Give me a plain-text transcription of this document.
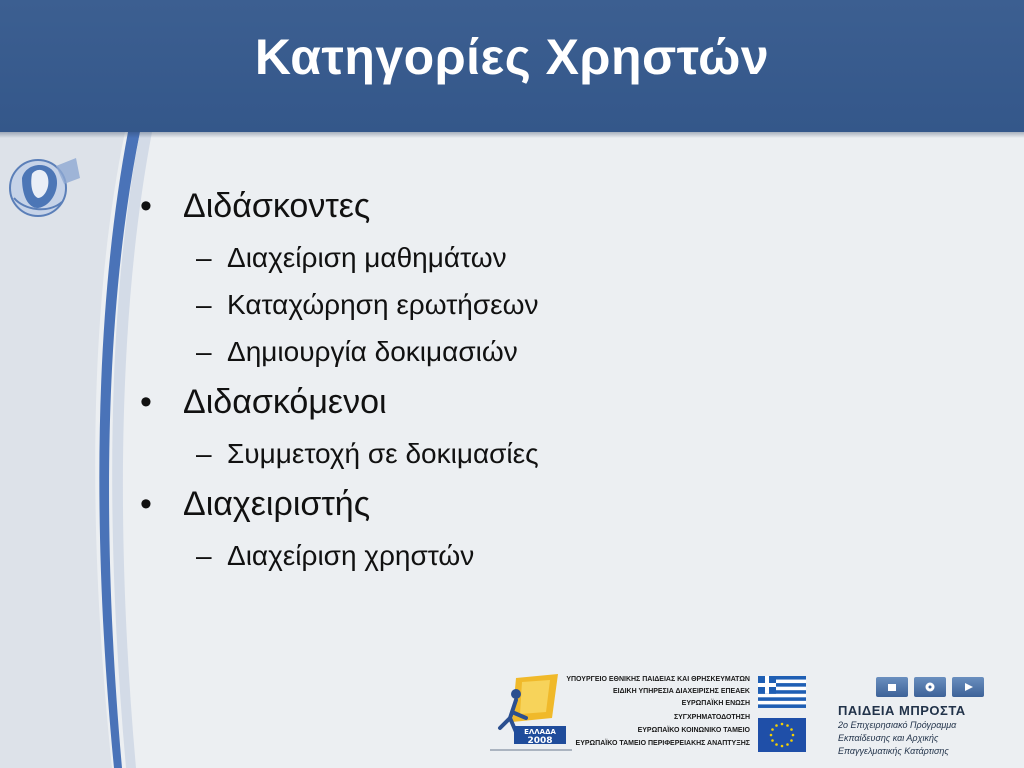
Κατηγορίες Χρηστών
• Διδάσκοντες
– Διαχείριση μαθημάτων
– Καταχώρηση ερωτήσεων
– Δημιουργία δοκιμασιών
• Διδασκόμενοι
– Συμμετοχή σε δοκιμασίες
• Διαχειριστής
– Διαχείριση χρηστών
ΕΛΛΑΔΑ
2008
ΥΠΟΥΡΓΕΙΟ ΕΘΝΙΚΗΣ ΠΑΙΔΕΙΑΣ ΚΑΙ ΘΡΗΣΚΕΥΜΑΤΩΝ
ΕΙΔΙΚΗ ΥΠΗΡΕΣΙΑ ΔΙΑΧΕΙΡΙΣΗΣ ΕΠΕΑΕΚ
ΕΥΡΩΠΑΪΚΗ ΕΝΩΣΗ
ΣΥΓΧΡΗΜΑΤΟΔΟΤΗΣΗ
ΕΥΡΩΠΑΪΚΟ ΚΟΙΝΩΝΙΚΟ ΤΑΜΕΙΟ
ΕΥΡΩΠΑΪΚΟ ΤΑΜΕΙΟ ΠΕΡΙΦΕΡΕΙΑΚΗΣ ΑΝΑΠΤΥΞΗΣ
ΠΑΙΔΕΙΑ ΜΠΡΟΣΤΑ
2ο Επιχειρησιακό Πρόγραμμα
Εκπαίδευσης και Αρχικής
Επαγγελματικής Κατάρτισης
